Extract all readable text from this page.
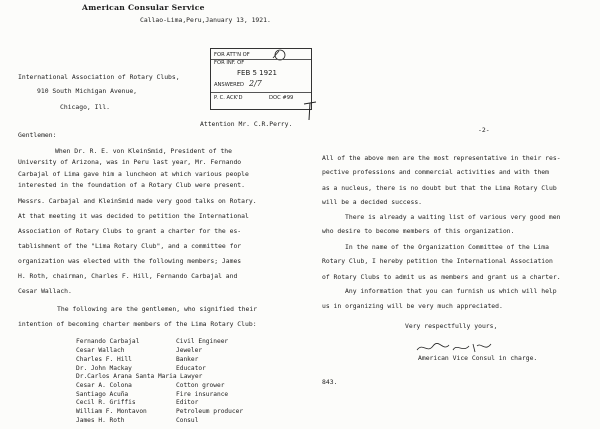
American Consular Service
Callao-Lima,Peru,January 13, 1921.
FOR ATT'N OF
FOR INF. OF
FEB 5 1921
ANSWERED 2/7
P. C. ACK'D	DOC #99
International Association of Rotary Clubs,
910 South Michigan Avenue,
Chicago, Ill.
Attention Mr. C.R.Perry.
Gentlemen:
When Dr. R. E. von KleinSmid, President of the
University of Arizona, was in Peru last year, Mr. Fernando
Carbajal of Lima gave him a luncheon at which various people
interested in the foundation of a Rotary Club were present.
Messrs. Carbajal and KleinSmid made very good talks on Rotary.
At that meeting it was decided to petition the International
Association of Rotary Clubs to grant a charter for the es-
tablishment of the "Lima Rotary Club", and a committee for
organization was elected with the following members; James
H. Roth, chairman, Charles F. Hill, Fernando Carbajal and
Cesar Wallach.
The following are the gentlemen, who signified their
intention of becoming charter members of the Lima Rotary Club:
Fernando Carbajal	Civil Engineer
Cesar Wallach	Jeweler
Charles F. Hill	Banker
Dr. John Mackay	Educator
Dr.Carlos Arana Santa Maria Lawyer
Cesar A. Colona	Cotton grower
Santiago Acuña	Fire insurance
Cecil R. Griffis	Editor
William F. Montavon	Petroleum producer
James H. Roth	Consul
-2-
All of the above men are the most representative in their res-
pective professions and commercial activities and with them
as a nucleus, there is no doubt but that the Lima Rotary Club
will be a decided success.
There is already a waiting list of various very good men
who desire to become members of this organization.
In the name of the Organization Committee of the Lima
Rotary Club, I hereby petition the International Association
of Rotary Clubs to admit us as members and grant us a charter.
Any information that you can furnish us which will help
us in organizing will be very much appreciated.
Very respectfully yours,
American Vice Consul in charge.
843.
